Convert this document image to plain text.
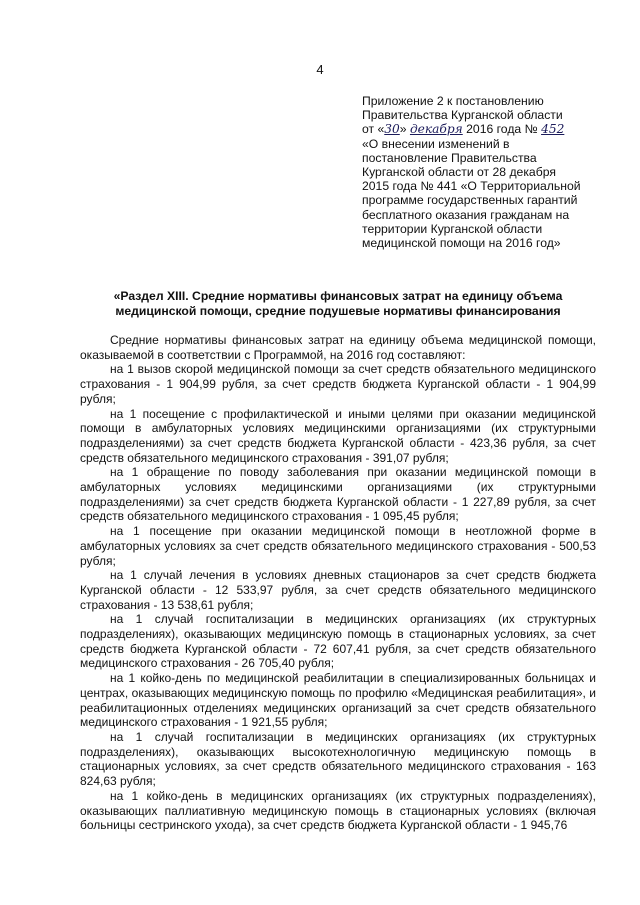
4
Приложение 2 к постановлению
Правительства Курганской области
от «30» декабря 2016 года № 452
«О внесении изменений в
постановление Правительства
Курганской области от 28 декабря
2015 года № 441 «О Территориальной
программе государственных гарантий
бесплатного оказания гражданам на
территории Курганской области
медицинской помощи на 2016 год»
«Раздел XIII. Средние нормативы финансовых затрат на единицу объема
медицинской помощи, средние подушевые нормативы финансирования

Средние нормативы финансовых затрат на единицу объема медицинской помощи, оказываемой в соответствии с Программой, на 2016 год составляют:

на 1 вызов скорой медицинской помощи за счет средств обязательного медицинского страхования - 1 904,99 рубля, за счет средств бюджета Курганской области - 1 904,99 рубля;

на 1 посещение с профилактической и иными целями при оказании медицинской помощи в амбулаторных условиях медицинскими организациями (их структурными подразделениями) за счет средств бюджета Курганской области - 423,36 рубля, за счет средств обязательного медицинского страхования - 391,07 рубля;

на 1 обращение по поводу заболевания при оказании медицинской помощи в амбулаторных условиях медицинскими организациями (их структурными подразделениями) за счет средств бюджета Курганской области - 1 227,89 рубля, за счет средств обязательного медицинского страхования - 1 095,45 рубля;

на 1 посещение при оказании медицинской помощи в неотложной форме в амбулаторных условиях за счет средств обязательного медицинского страхования - 500,53 рубля;

на 1 случай лечения в условиях дневных стационаров за счет средств бюджета Курганской области - 12 533,97 рубля, за счет средств обязательного медицинского страхования - 13 538,61 рубля;

на 1 случай госпитализации в медицинских организациях (их структурных подразделениях), оказывающих медицинскую помощь в стационарных условиях, за счет средств бюджета Курганской области - 72 607,41 рубля, за счет средств обязательного медицинского страхования - 26 705,40 рубля;

на 1 койко-день по медицинской реабилитации в специализированных больницах и центрах, оказывающих медицинскую помощь по профилю «Медицинская реабилитация», и реабилитационных отделениях медицинских организаций за счет средств обязательного медицинского страхования - 1 921,55 рубля;

на 1 случай госпитализации в медицинских организациях (их структурных подразделениях), оказывающих высокотехнологичную медицинскую помощь в стационарных условиях, за счет средств обязательного медицинского страхования - 163 824,63 рубля;

на 1 койко-день в медицинских организациях (их структурных подразделениях), оказывающих паллиативную медицинскую помощь в стационарных условиях (включая больницы сестринского ухода), за счет средств бюджета Курганской области - 1 945,76
